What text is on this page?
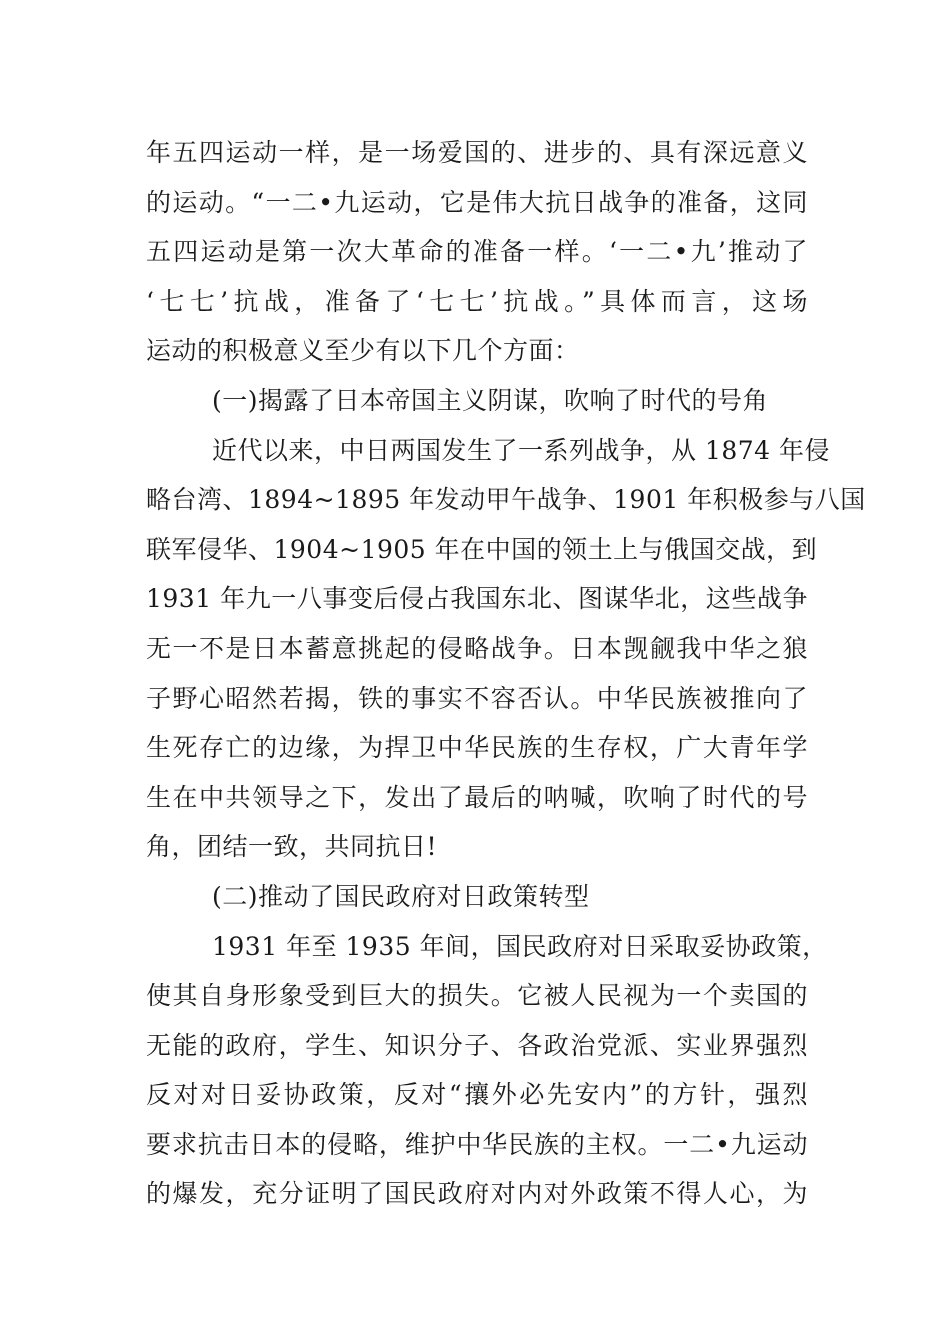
年五四运动一样，是一场爱国的、进步的、具有深远意义
的运动。“一二•九运动，它是伟大抗日战争的准备，这同
五四运动是第一次大革命的准备一样。‘一二•九’推动了
‘七七’抗战，准备了‘七七’抗战。”具体而言，这场
运动的积极意义至少有以下几个方面：
(一)揭露了日本帝国主义阴谋，吹响了时代的号角
近代以来，中日两国发生了一系列战争，从 1874 年侵
略台湾、1894~1895 年发动甲午战争、1901 年积极参与八国
联军侵华、1904~1905 年在中国的领土上与俄国交战，到
1931 年九一八事变后侵占我国东北、图谋华北，这些战争
无一不是日本蓄意挑起的侵略战争。日本觊觎我中华之狼
子野心昭然若揭，铁的事实不容否认。中华民族被推向了
生死存亡的边缘，为捍卫中华民族的生存权，广大青年学
生在中共领导之下，发出了最后的呐喊，吹响了时代的号
角，团结一致，共同抗日!
(二)推动了国民政府对日政策转型
1931 年至 1935 年间，国民政府对日采取妥协政策，
使其自身形象受到巨大的损失。它被人民视为一个卖国的
无能的政府，学生、知识分子、各政治党派、实业界强烈
反对对日妥协政策，反对“攘外必先安内”的方针，强烈
要求抗击日本的侵略，维护中华民族的主权。一二•九运动
的爆发，充分证明了国民政府对内对外政策不得人心，为
